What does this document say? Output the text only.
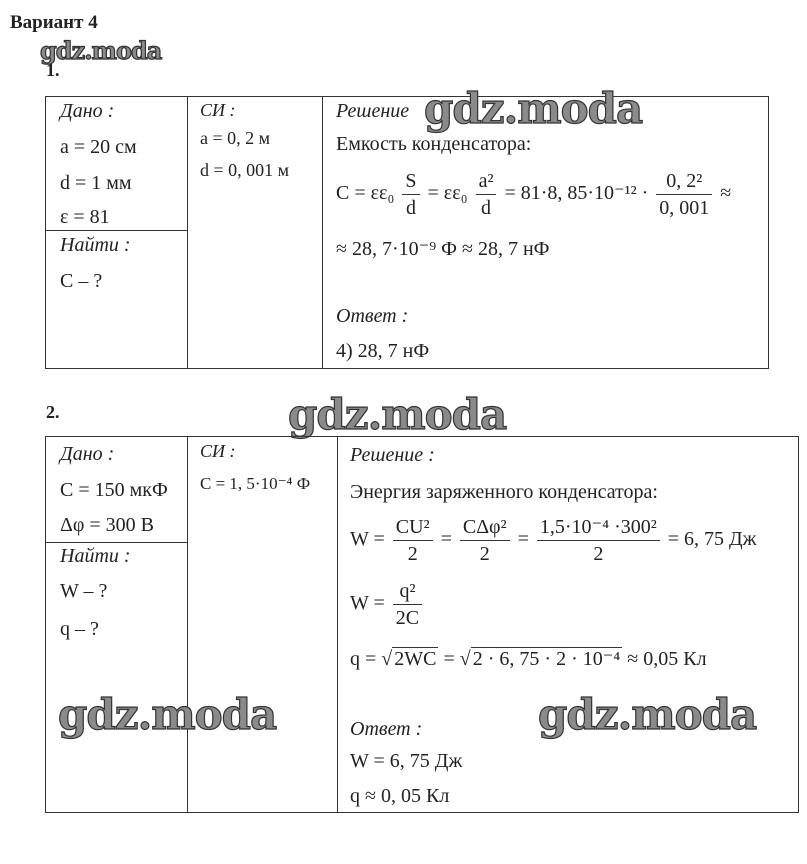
Вариант 4
gdz.moda
1.
Дано :
a = 20 см
d = 1 мм
ε = 81
Найти :
C – ?
СИ :
a = 0, 2 м
d = 0, 001 м
Решение gdz.moda
Емкость конденсатора:
$C = \varepsilon\varepsilon_0 \frac{S}{d} = \varepsilon\varepsilon_0 \frac{\text{a²}}{d} = 81\cdot 8$, $85\cdot 10^{-12} \cdot \frac{\text{0, 2²}}{0, 001}$ ≈
≈ 28, 7·10⁻⁹ Ф ≈ 28, 7 нФ
Ответ :
4) 28, 7 нФ
2.	gdz.moda
Дано :
C = 150 мкФ
Δφ = 300 В
Найти :
W – ?
q – ?
СИ :
C = 1, 5·10⁻⁴ Ф
Решение :
Энергия заряженного конденсатора:
$W = \frac{\text{CU²}}{2} = \frac{\text{CΔφ²}}{2} = \frac{\text{1,5·10⁻⁴ ·300²}}{2} = 6$, 75 Дж
$W = \frac{\text{q²}}{2C}$
q = √ 2WC = √ 2 · 6, 75 · 2 · 10⁻⁴ ≈ 0,05 Кл
gdz.moda	gdz.moda
Ответ :
W = 6, 75 Дж
q ≈ 0, 05 Кл
